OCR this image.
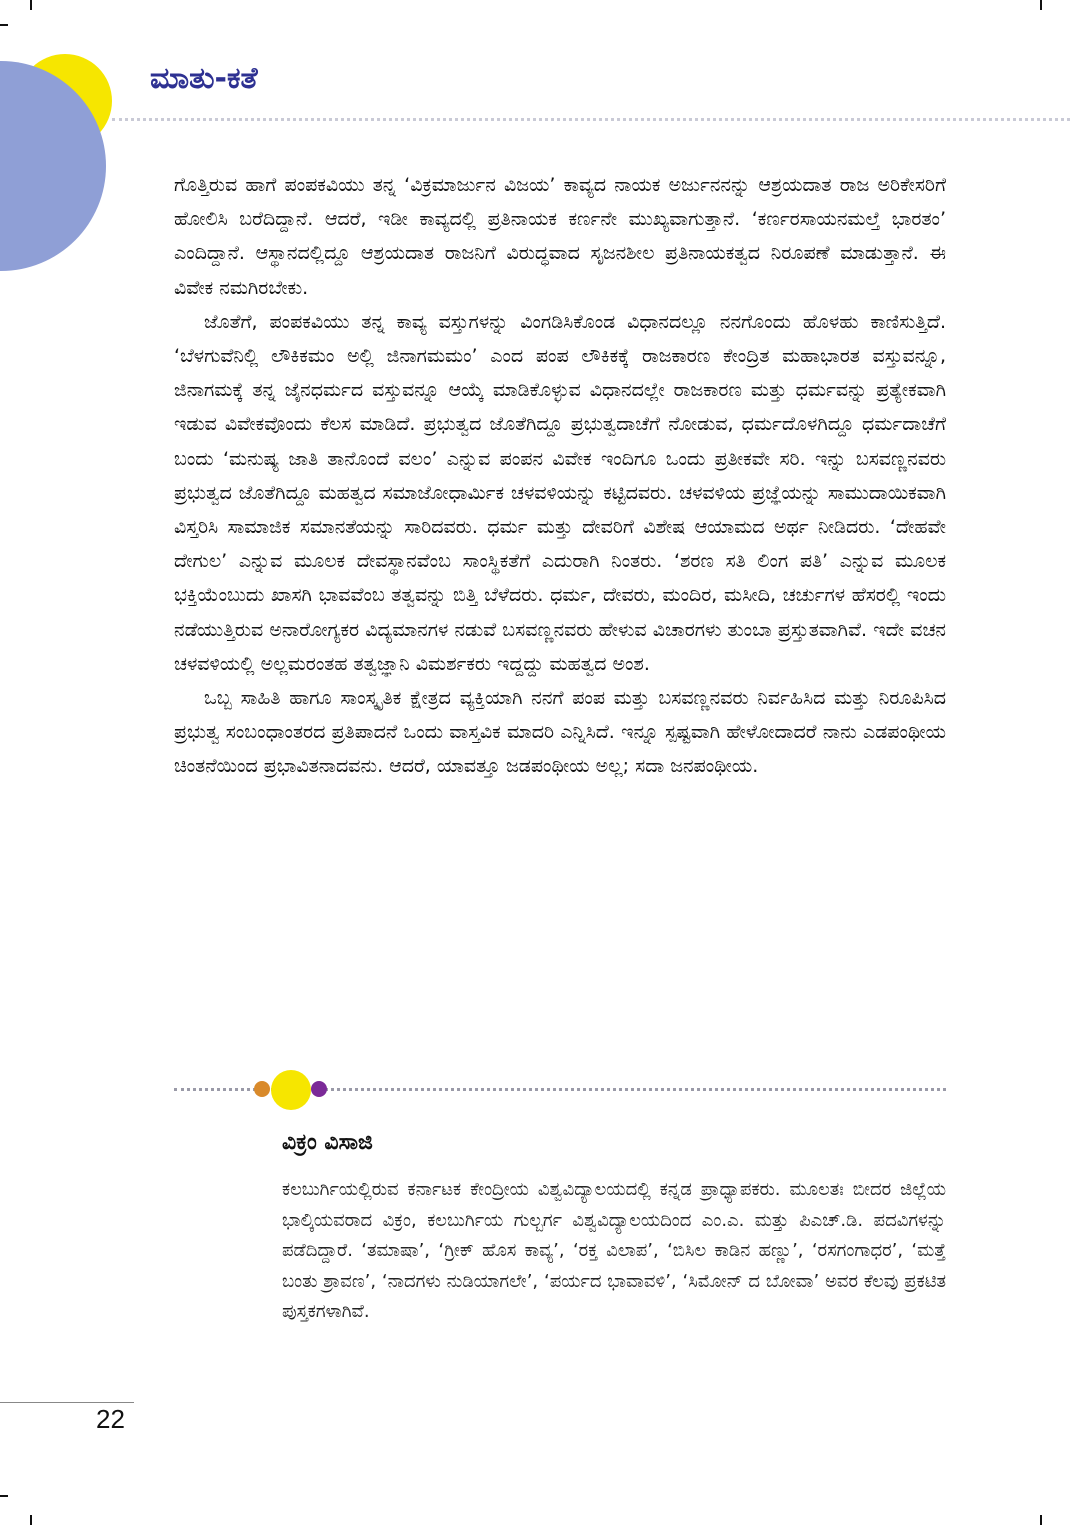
ಮಾತು-ಕತೆ

ಗೊತ್ತಿರುವ ಹಾಗೆ ಪಂಪಕವಿಯು ತನ್ನ ‘ವಿಕ್ರಮಾರ್ಜುನ ವಿಜಯ’ ಕಾವ್ಯದ ನಾಯಕ ಅರ್ಜುನನನ್ನು ಆಶ್ರಯದಾತ ರಾಜ ಅರಿಕೇಸರಿಗೆ ಹೋಲಿಸಿ ಬರೆದಿದ್ದಾನೆ. ಆದರೆ, ಇಡೀ ಕಾವ್ಯದಲ್ಲಿ ಪ್ರತಿನಾಯಕ ಕರ್ಣನೇ ಮುಖ್ಯವಾಗುತ್ತಾನೆ. ‘ಕರ್ಣರಸಾಯನಮಲ್ತೆ ಭಾರತಂ’ ಎಂದಿದ್ದಾನೆ. ಆಸ್ಥಾನದಲ್ಲಿದ್ದೂ ಆಶ್ರಯದಾತ ರಾಜನಿಗೆ ವಿರುದ್ಧವಾದ ಸೃಜನಶೀಲ ಪ್ರತಿನಾಯಕತ್ವದ ನಿರೂಪಣೆ ಮಾಡುತ್ತಾನೆ. ಈ ವಿವೇಕ ನಮಗಿರಬೇಕು.

ಜೊತೆಗೆ, ಪಂಪಕವಿಯು ತನ್ನ ಕಾವ್ಯ ವಸ್ತುಗಳನ್ನು ವಿಂಗಡಿಸಿಕೊಂಡ ವಿಧಾನದಲ್ಲೂ ನನಗೊಂದು ಹೊಳಹು ಕಾಣಿಸುತ್ತಿದೆ. ‘ಬೆಳಗುವೆನಿಲ್ಲಿ ಲೌಕಿಕಮಂ ಅಲ್ಲಿ ಜಿನಾಗಮಮಂ’ ಎಂದ ಪಂಪ ಲೌಕಿಕಕ್ಕೆ ರಾಜಕಾರಣ ಕೇಂದ್ರಿತ ಮಹಾಭಾರತ ವಸ್ತುವನ್ನೂ, ಜಿನಾಗಮಕ್ಕೆ ತನ್ನ ಜೈನಧರ್ಮದ ವಸ್ತುವನ್ನೂ ಆಯ್ಕೆ ಮಾಡಿಕೊಳ್ಳುವ ವಿಧಾನದಲ್ಲೇ ರಾಜಕಾರಣ ಮತ್ತು ಧರ್ಮವನ್ನು ಪ್ರತ್ಯೇಕವಾಗಿ ಇಡುವ ವಿವೇಕವೊಂದು ಕೆಲಸ ಮಾಡಿದೆ. ಪ್ರಭುತ್ವದ ಜೊತೆಗಿದ್ದೂ ಪ್ರಭುತ್ವದಾಚೆಗೆ ನೋಡುವ, ಧರ್ಮದೊಳಗಿದ್ದೂ ಧರ್ಮದಾಚೆಗೆ ಬಂದು ‘ಮನುಷ್ಯ ಜಾತಿ ತಾನೊಂದೆ ವಲಂ’ ಎನ್ನುವ ಪಂಪನ ವಿವೇಕ ಇಂದಿಗೂ ಒಂದು ಪ್ರತೀಕವೇ ಸರಿ. ಇನ್ನು ಬಸವಣ್ಣನವರು ಪ್ರಭುತ್ವದ ಜೊತೆಗಿದ್ದೂ ಮಹತ್ವದ ಸಮಾಜೋಧಾರ್ಮಿಕ ಚಳವಳಿಯನ್ನು ಕಟ್ಟಿದವರು. ಚಳವಳಿಯ ಪ್ರಜ್ಞೆಯನ್ನು ಸಾಮುದಾಯಿಕವಾಗಿ ವಿಸ್ತರಿಸಿ ಸಾಮಾಜಿಕ ಸಮಾನತೆಯನ್ನು ಸಾರಿದವರು. ಧರ್ಮ ಮತ್ತು ದೇವರಿಗೆ ವಿಶೇಷ ಆಯಾಮದ ಅರ್ಥ ನೀಡಿದರು. ‘ದೇಹವೇ ದೇಗುಲ’ ಎನ್ನುವ ಮೂಲಕ ದೇವಸ್ಥಾನವೆಂಬ ಸಾಂಸ್ಥಿಕತೆಗೆ ಎದುರಾಗಿ ನಿಂತರು. ‘ಶರಣ ಸತಿ ಲಿಂಗ ಪತಿ’ ಎನ್ನುವ ಮೂಲಕ ಭಕ್ತಿಯೆಂಬುದು ಖಾಸಗಿ ಭಾವವೆಂಬ ತತ್ವವನ್ನು ಬಿತ್ತಿ ಬೆಳೆದರು. ಧರ್ಮ, ದೇವರು, ಮಂದಿರ, ಮಸೀದಿ, ಚರ್ಚುಗಳ ಹೆಸರಲ್ಲಿ ಇಂದು ನಡೆಯುತ್ತಿರುವ ಅನಾರೋಗ್ಯಕರ ವಿದ್ಯಮಾನಗಳ ನಡುವೆ ಬಸವಣ್ಣನವರು ಹೇಳುವ ವಿಚಾರಗಳು ತುಂಬಾ ಪ್ರಸ್ತುತವಾಗಿವೆ. ಇದೇ ವಚನ ಚಳವಳಿಯಲ್ಲಿ ಅಲ್ಲಮರಂತಹ ತತ್ವಜ್ಞಾನಿ ವಿಮರ್ಶಕರು ಇದ್ದದ್ದು ಮಹತ್ವದ ಅಂಶ.

ಒಬ್ಬ ಸಾಹಿತಿ ಹಾಗೂ ಸಾಂಸ್ಕೃತಿಕ ಕ್ಷೇತ್ರದ ವ್ಯಕ್ತಿಯಾಗಿ ನನಗೆ ಪಂಪ ಮತ್ತು ಬಸವಣ್ಣನವರು ನಿರ್ವಹಿಸಿದ ಮತ್ತು ನಿರೂಪಿಸಿದ ಪ್ರಭುತ್ವ ಸಂಬಂಧಾಂತರದ ಪ್ರತಿಪಾದನೆ ಒಂದು ವಾಸ್ತವಿಕ ಮಾದರಿ ಎನ್ನಿಸಿದೆ. ಇನ್ನೂ ಸ್ಪಷ್ಟವಾಗಿ ಹೇಳೋದಾದರೆ ನಾನು ಎಡಪಂಥೀಯ ಚಿಂತನೆಯಿಂದ ಪ್ರಭಾವಿತನಾದವನು. ಆದರೆ, ಯಾವತ್ತೂ ಜಡಪಂಥೀಯ ಅಲ್ಲ; ಸದಾ ಜನಪಂಥೀಯ.

ವಿಕ್ರಂ ವಿಸಾಜಿ

ಕಲಬುರ್ಗಿಯಲ್ಲಿರುವ ಕರ್ನಾಟಕ ಕೇಂದ್ರೀಯ ವಿಶ್ವವಿದ್ಯಾಲಯದಲ್ಲಿ ಕನ್ನಡ ಪ್ರಾಧ್ಯಾಪಕರು. ಮೂಲತಃ ಬೀದರ ಜಿಲ್ಲೆಯ ಭಾಲ್ಕಿಯವರಾದ ವಿಕ್ರಂ, ಕಲಬುರ್ಗಿಯ ಗುಲ್ಬರ್ಗ ವಿಶ್ವವಿದ್ಯಾಲಯದಿಂದ ಎಂ.ಎ. ಮತ್ತು ಪಿಎಚ್.ಡಿ. ಪದವಿಗಳನ್ನು ಪಡೆದಿದ್ದಾರೆ. ‘ತಮಾಷಾ’, ‘ಗ್ರೀಕ್ ಹೊಸ ಕಾವ್ಯ’, ‘ರಕ್ತ ವಿಲಾಪ’, ‘ಬಿಸಿಲ ಕಾಡಿನ ಹಣ್ಣು’, ‘ರಸಗಂಗಾಧರ’, ‘ಮತ್ತೆ ಬಂತು ಶ್ರಾವಣ’, ‘ನಾದಗಳು ನುಡಿಯಾಗಲೇ’, ‘ಪರ್ಯದ ಭಾವಾವಳಿ’, ‘ಸಿಮೋನ್ ದ ಬೋವಾ’ ಅವರ ಕೆಲವು ಪ್ರಕಟಿತ ಪುಸ್ತಕಗಳಾಗಿವೆ.

22
